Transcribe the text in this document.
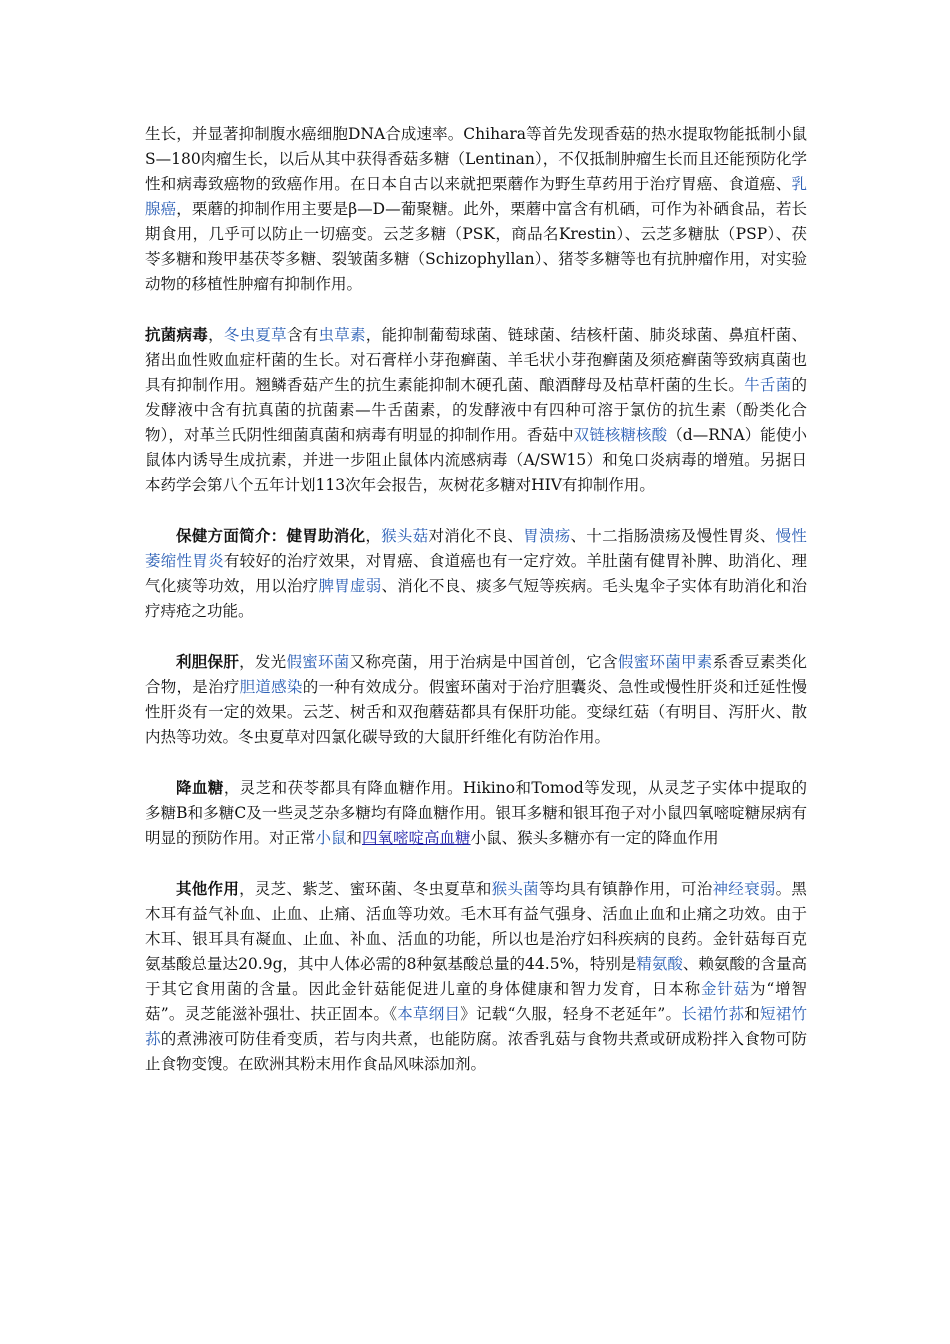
生长，并显著抑制腹水癌细胞DNA合成速率。Chihara等首先发现香菇的热水提取物能抵制小鼠S—180肉瘤生长，以后从其中获得香菇多糖（Lentinan），不仅抵制肿瘤生长而且还能预防化学性和病毒致癌物的致癌作用。在日本自古以来就把栗蘑作为野生草药用于治疗胃癌、食道癌、乳腺癌，栗蘑的抑制作用主要是β—D—葡聚糖。此外，栗蘑中富含有机硒，可作为补硒食品，若长期食用，几乎可以防止一切癌变。云芝多糖（PSK，商品名Krestin）、云芝多糖肽（PSP）、茯苓多糖和羧甲基茯苓多糖、裂皱菌多糖（Schizophyllan）、猪苓多糖等也有抗肿瘤作用，对实验动物的移植性肿瘤有抑制作用。

抗菌病毒，冬虫夏草含有虫草素，能抑制葡萄球菌、链球菌、结核杆菌、肺炎球菌、鼻疽杆菌、猪出血性败血症杆菌的生长。对石膏样小芽孢癣菌、羊毛状小芽孢癣菌及须疮癣菌等致病真菌也具有抑制作用。翘鳞香菇产生的抗生素能抑制木硬孔菌、酿酒酵母及枯草杆菌的生长。牛舌菌的发酵液中含有抗真菌的抗菌素—牛舌菌素，的发酵液中有四种可溶于氯仿的抗生素（酚类化合物），对革兰氏阴性细菌真菌和病毒有明显的抑制作用。香菇中双链核糖核酸（d—RNA）能使小鼠体内诱导生成抗素，并进一步阻止鼠体内流感病毒（A/SW15）和兔口炎病毒的增殖。另据日本药学会第八个五年计划113次年会报告，灰树花多糖对HIV有抑制作用。

保健方面简介：健胃助消化，猴头菇对消化不良、胃溃疡、十二指肠溃疡及慢性胃炎、慢性萎缩性胃炎有较好的治疗效果，对胃癌、食道癌也有一定疗效。羊肚菌有健胃补脾、助消化、理气化痰等功效，用以治疗脾胃虚弱、消化不良、痰多气短等疾病。毛头鬼伞子实体有助消化和治疗痔疮之功能。

利胆保肝，发光假蜜环菌又称亮菌，用于治病是中国首创，它含假蜜环菌甲素系香豆素类化合物，是治疗胆道感染的一种有效成分。假蜜环菌对于治疗胆囊炎、急性或慢性肝炎和迁延性慢性肝炎有一定的效果。云芝、树舌和双孢蘑菇都具有保肝功能。变绿红菇（有明目、泻肝火、散内热等功效。冬虫夏草对四氯化碳导致的大鼠肝纤维化有防治作用。

降血糖，灵芝和茯苓都具有降血糖作用。Hikino和Tomod等发现，从灵芝子实体中提取的多糖B和多糖C及一些灵芝杂多糖均有降血糖作用。银耳多糖和银耳孢子对小鼠四氧嘧啶糖尿病有明显的预防作用。对正常小鼠和四氧嘧啶高血糖小鼠、猴头多糖亦有一定的降血作用

其他作用，灵芝、紫芝、蜜环菌、冬虫夏草和猴头菌等均具有镇静作用，可治神经衰弱。黑木耳有益气补血、止血、止痛、活血等功效。毛木耳有益气强身、活血止血和止痛之功效。由于木耳、银耳具有凝血、止血、补血、活血的功能，所以也是治疗妇科疾病的良药。金针菇每百克氨基酸总量达20.9g，其中人体必需的8种氨基酸总量的44.5%，特别是精氨酸、赖氨酸的含量高于其它食用菌的含量。因此金针菇能促进儿童的身体健康和智力发育，日本称金针菇为“增智菇”。灵芝能滋补强壮、扶正固本。《本草纲目》记载“久服，轻身不老延年”。长裙竹荪和短裙竹荪的煮沸液可防佳肴变质，若与肉共煮，也能防腐。浓香乳菇与食物共煮或研成粉拌入食物可防止食物变馊。在欧洲其粉末用作食品风味添加剂。
